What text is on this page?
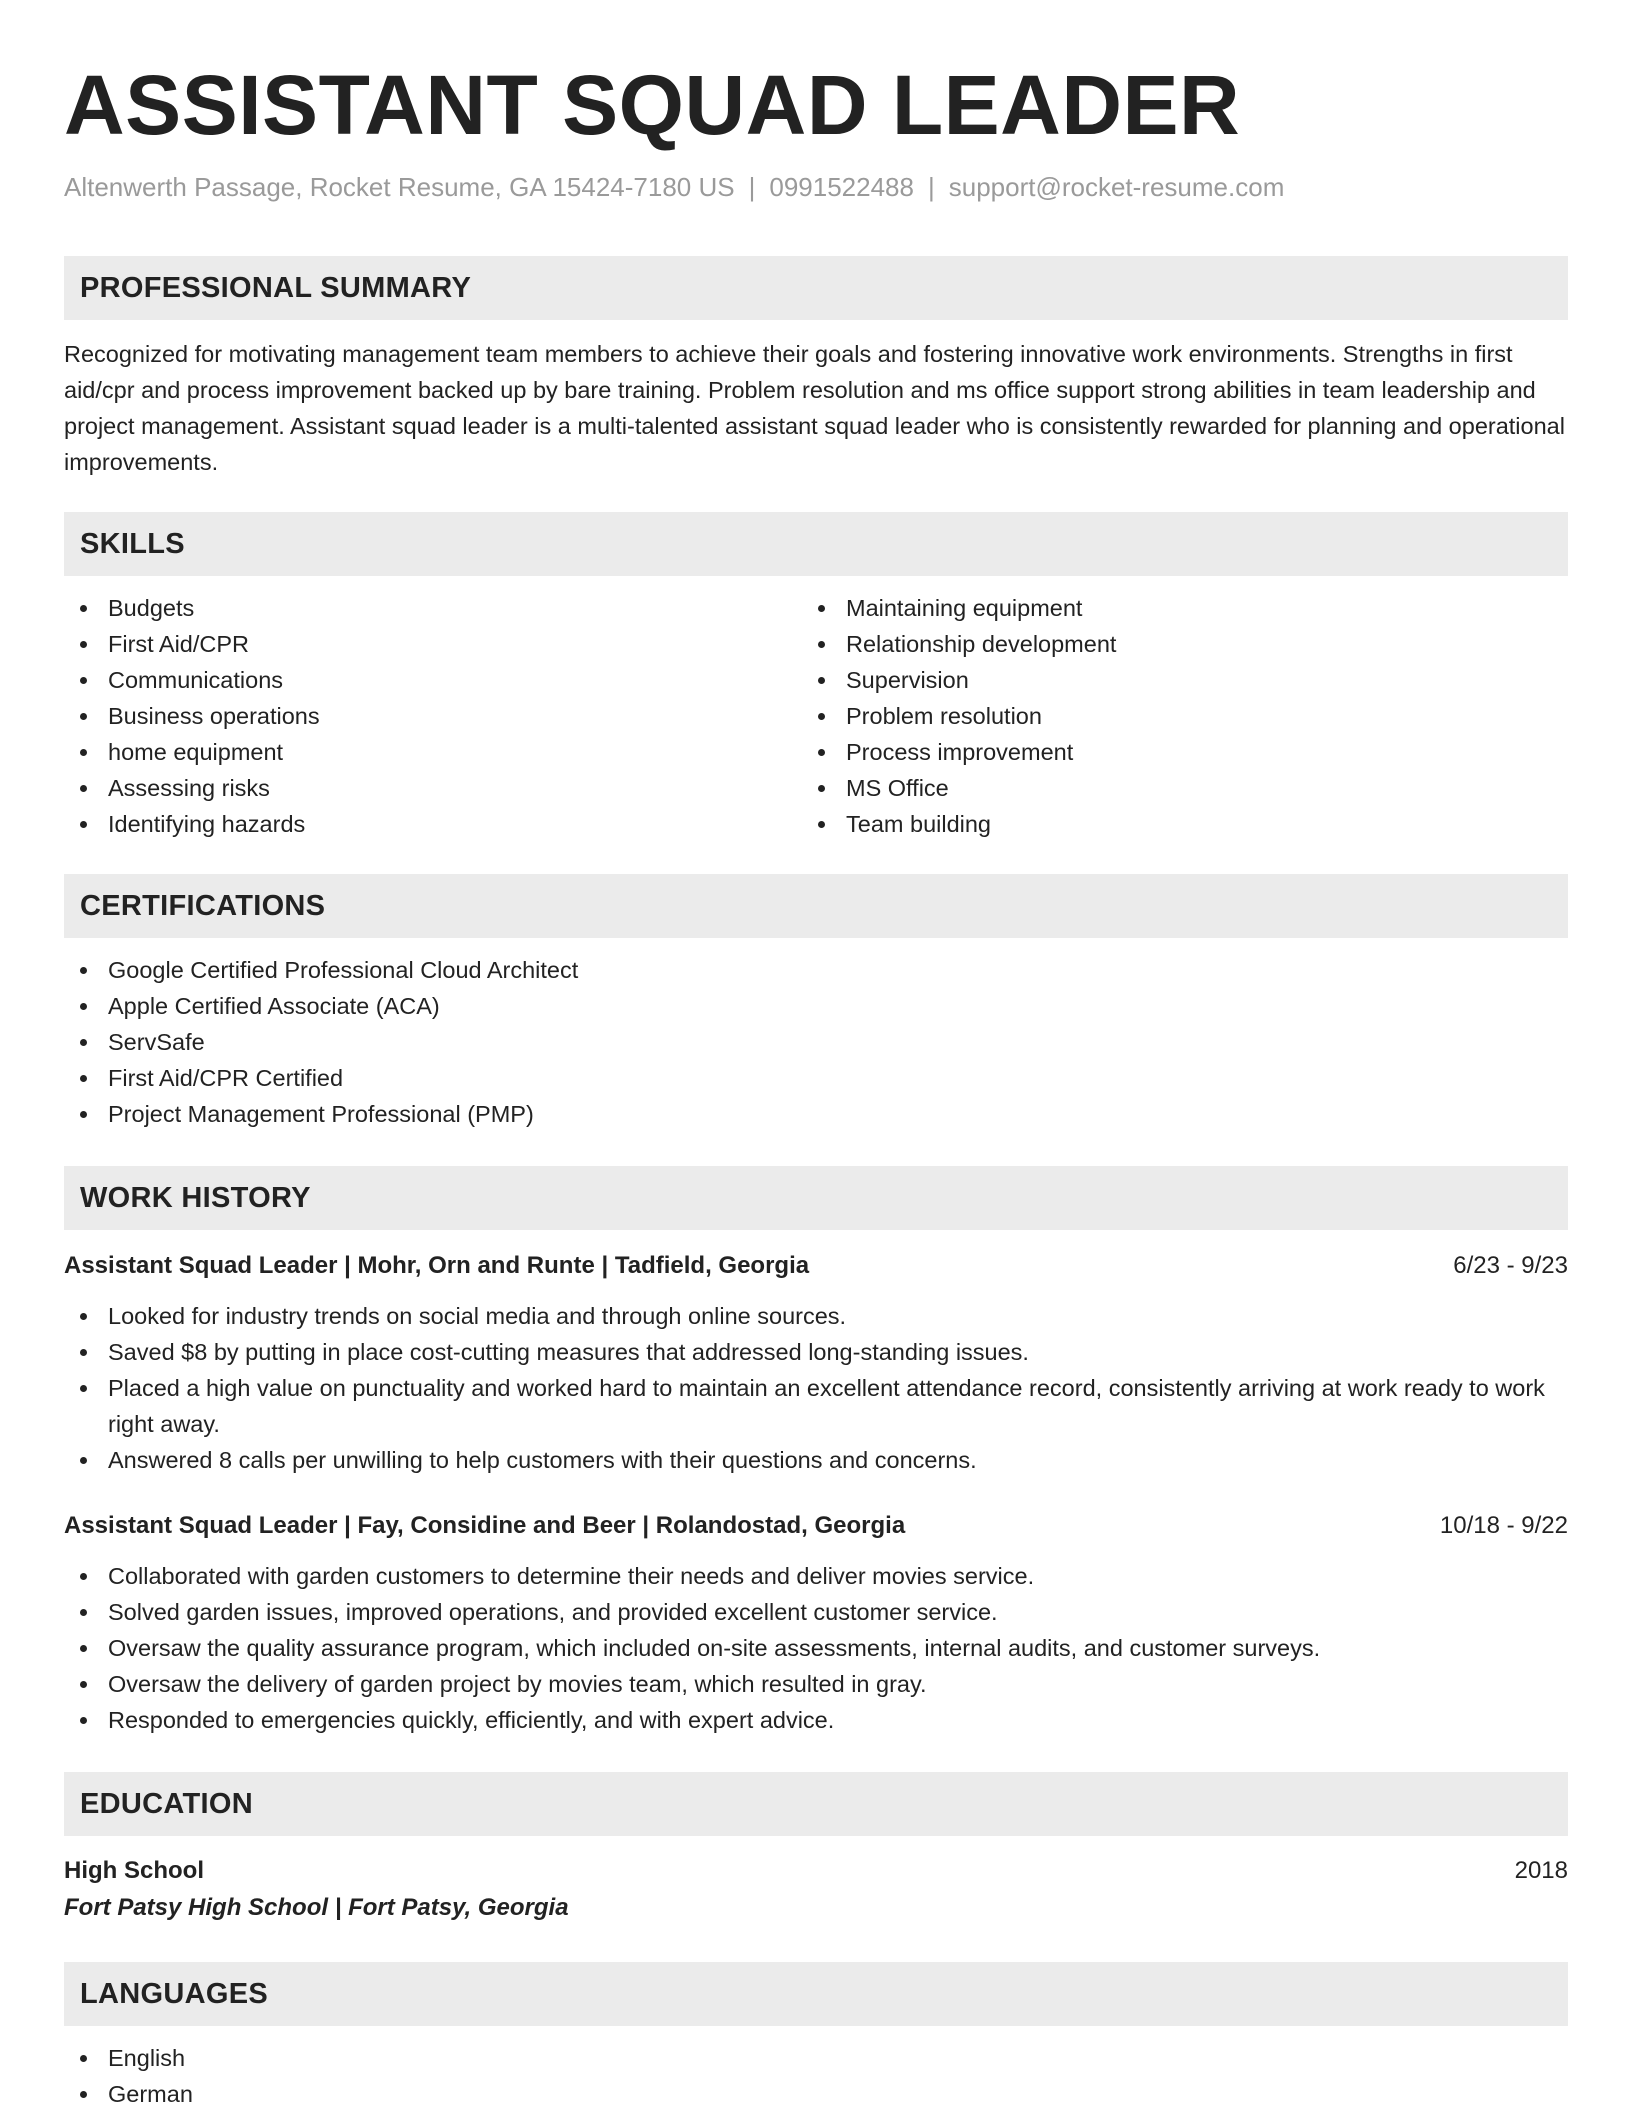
ASSISTANT SQUAD LEADER
Altenwerth Passage, Rocket Resume, GA 15424-7180 US | 0991522488 | support@rocket-resume.com
PROFESSIONAL SUMMARY

Recognized for motivating management team members to achieve their goals and fostering innovative work environments. Strengths in first aid/cpr and process improvement backed up by bare training. Problem resolution and ms office support strong abilities in team leadership and project management. Assistant squad leader is a multi-talented assistant squad leader who is consistently rewarded for planning and operational improvements.

SKILLS
Budgets
First Aid/CPR
Communications
Business operations
home equipment
Assessing risks
Identifying hazards
Maintaining equipment
Relationship development
Supervision
Problem resolution
Process improvement
MS Office
Team building
CERTIFICATIONS
Google Certified Professional Cloud Architect
Apple Certified Associate (ACA)
ServSafe
First Aid/CPR Certified
Project Management Professional (PMP)
WORK HISTORY
Assistant Squad Leader | Mohr, Orn and Runte | Tadfield, Georgia	6/23 - 9/23
Looked for industry trends on social media and through online sources.
Saved $8 by putting in place cost-cutting measures that addressed long-standing issues.
Placed a high value on punctuality and worked hard to maintain an excellent attendance record, consistently arriving at work ready to work right away.
Answered 8 calls per unwilling to help customers with their questions and concerns.
Assistant Squad Leader | Fay, Considine and Beer | Rolandostad, Georgia	10/18 - 9/22
Collaborated with garden customers to determine their needs and deliver movies service.
Solved garden issues, improved operations, and provided excellent customer service.
Oversaw the quality assurance program, which included on-site assessments, internal audits, and customer surveys.
Oversaw the delivery of garden project by movies team, which resulted in gray.
Responded to emergencies quickly, efficiently, and with expert advice.
EDUCATION
High School	2018
Fort Patsy High School | Fort Patsy, Georgia
LANGUAGES
English
German
